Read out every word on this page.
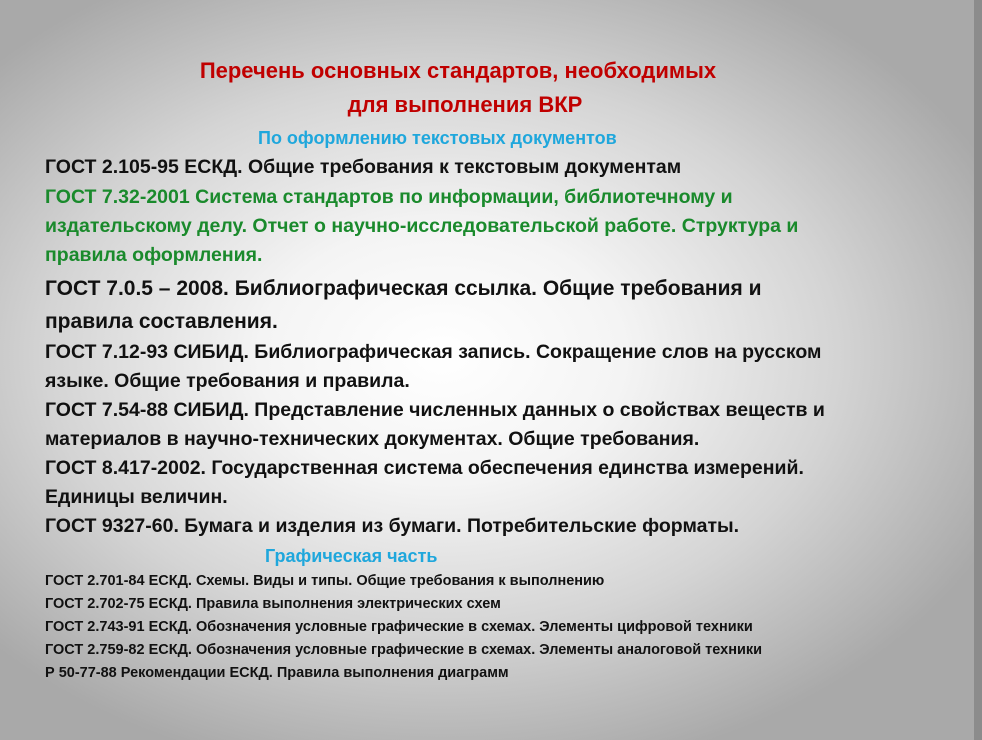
Перечень основных стандартов, необходимых
для выполнения ВКР
По оформлению текстовых документов
ГОСТ 2.105-95 ЕСКД. Общие требования к текстовым документам
ГОСТ 7.32-2001 Система стандартов по информации, библиотечному и
издательскому делу. Отчет о научно-исследовательской работе. Структура и
правила оформления.
ГОСТ 7.0.5 – 2008. Библиографическая ссылка. Общие требования и
правила составления.
ГОСТ 7.12-93 СИБИД. Библиографическая запись. Сокращение слов на русском
языке. Общие требования и правила.
ГОСТ 7.54-88 СИБИД. Представление численных данных о свойствах веществ и
материалов в научно-технических документах. Общие требования.
ГОСТ 8.417-2002. Государственная система обеспечения единства измерений.
Единицы величин.
ГОСТ 9327-60. Бумага и изделия из бумаги. Потребительские форматы.
Графическая часть
ГОСТ 2.701-84 ЕСКД. Схемы. Виды и типы. Общие требования к выполнению
ГОСТ 2.702-75 ЕСКД. Правила выполнения электрических схем
ГОСТ 2.743-91 ЕСКД. Обозначения условные графические в схемах. Элементы цифровой техники
ГОСТ 2.759-82 ЕСКД. Обозначения условные графические в схемах. Элементы аналоговой техники
Р 50-77-88 Рекомендации ЕСКД. Правила выполнения диаграмм
